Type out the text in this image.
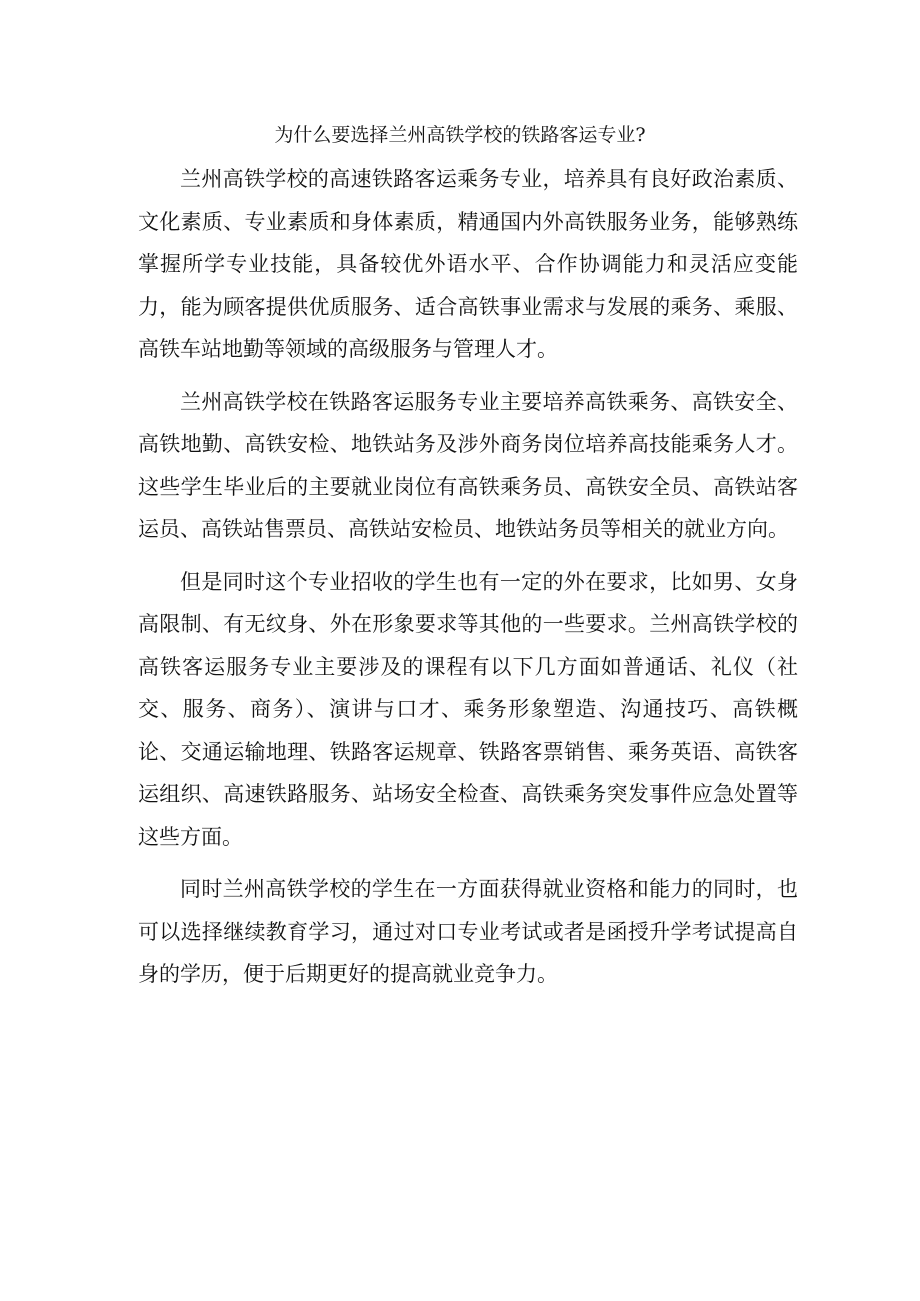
为什么要选择兰州高铁学校的铁路客运专业?

兰州高铁学校的高速铁路客运乘务专业，培养具有良好政治素质、文化素质、专业素质和身体素质，精通国内外高铁服务业务，能够熟练掌握所学专业技能，具备较优外语水平、合作协调能力和灵活应变能力，能为顾客提供优质服务、适合高铁事业需求与发展的乘务、乘服、高铁车站地勤等领域的高级服务与管理人才。

兰州高铁学校在铁路客运服务专业主要培养高铁乘务、高铁安全、高铁地勤、高铁安检、地铁站务及涉外商务岗位培养高技能乘务人才。这些学生毕业后的主要就业岗位有高铁乘务员、高铁安全员、高铁站客运员、高铁站售票员、高铁站安检员、地铁站务员等相关的就业方向。

但是同时这个专业招收的学生也有一定的外在要求，比如男、女身高限制、有无纹身、外在形象要求等其他的一些要求。兰州高铁学校的高铁客运服务专业主要涉及的课程有以下几方面如普通话、礼仪（社交、服务、商务）、演讲与口才、乘务形象塑造、沟通技巧、高铁概论、交通运输地理、铁路客运规章、铁路客票销售、乘务英语、高铁客运组织、高速铁路服务、站场安全检查、高铁乘务突发事件应急处置等这些方面。

同时兰州高铁学校的学生在一方面获得就业资格和能力的同时，也可以选择继续教育学习，通过对口专业考试或者是函授升学考试提高自身的学历，便于后期更好的提高就业竞争力。
